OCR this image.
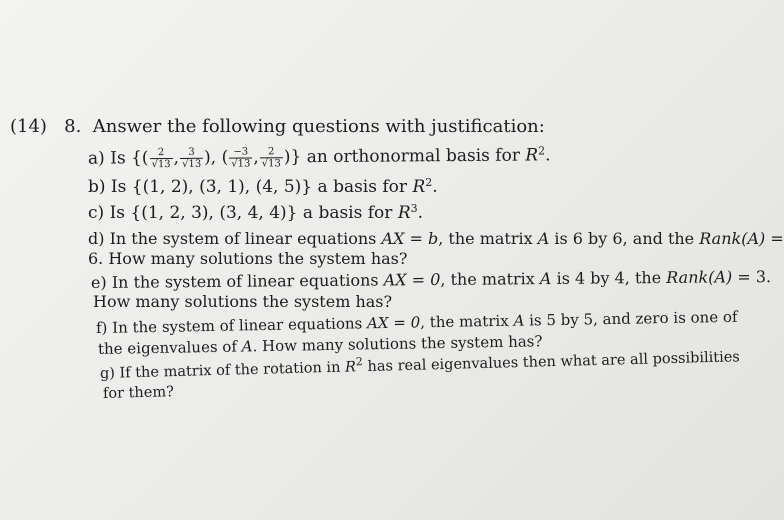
(14) 8. Answer the following questions with justification:
a) Is {( $\frac{2}{√13}$ , $\frac{3}{√13}$ ), ( $\frac{-3}{√13}$ , $\frac{2}{√13}$ )} an orthonormal basis for $R^2$.
b) Is {(1, 2), (3, 1), (4, 5)} a basis for $R^2$.
c) Is {(1, 2, 3), (3, 4, 4)} a basis for $R^3$.
d) In the system of linear equations AX = b, the matrix A is 6 by 6, and the Rank(A) =
6. How many solutions the system has?
e) In the system of linear equations AX = 0, the matrix A is 4 by 4, the Rank(A) = 3.
How many solutions the system has?
f) In the system of linear equations AX = 0, the matrix A is 5 by 5, and zero is one of
the eigenvalues of A. How many solutions the system has?
g) If the matrix of the rotation in $R^2$ has real eigenvalues then what are all possibilities
for them?
